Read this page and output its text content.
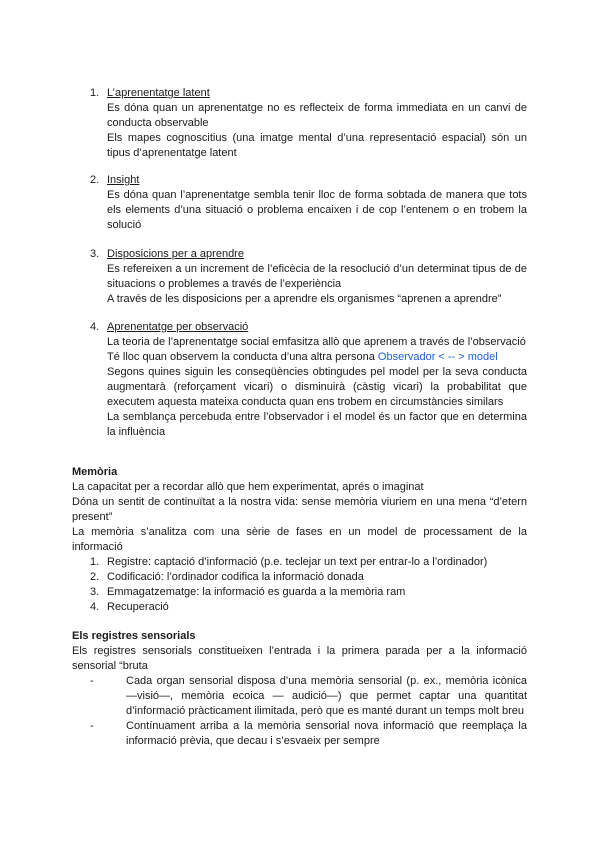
1. L’aprenentatge latent
Es dóna quan un aprenentatge no es reflecteix de forma immediata en un canvi de conducta observable
Els mapes cognoscitius (una imatge mental d’una representació espacial) són un tipus d’aprenentatge latent
2. Insight
Es dóna quan l’aprenentatge sembla tenir lloc de forma sobtada de manera que tots els elements d’una situació o problema encaixen i de cop l’entenem o en trobem la solució
3. Disposicions per a aprendre
Es refereixen a un increment de l’eficècia de la resoclució d’un determinat tipus de de situacions o problemes a través de l’experiència
A través de les disposicions per a aprendre els organismes “aprenen a aprendre”
4. Aprenentatge per observació
La teoria de l’aprenentatge social emfasitza allò que aprenem a través de l’observació
Té lloc quan observem la conducta d’una altra persona Observador < -- > model
Segons quines siguin les conseqüències obtingudes pel model per la seva conducta augmentarà (reforçament vicari) o disminuirà (càstig vicari) la probabilitat que executem aquesta mateixa conducta quan ens trobem en circumstàncies similars
La semblança percebuda entre l’observador i el model és un factor que en determina la influència
Memòria
La capacitat per a recordar allò que hem experimentat, aprés o imaginat
Dóna un sentit de continuïtat a la nostra vida: sense memòria viuriem en una mena “d’etern present”
La memòria s’analitza com una sèrie de fases en un model de processament de la informació
1. Registre: captació d’informació (p.e. teclejar un text per entrar-lo a l’ordinador)
2. Codificació: l’ordinador codifica la informació donada
3. Emmagatzematge: la informació es guarda a la memòria ram
4. Recuperació
Els registres sensorials
Els registres sensorials constitueixen l’entrada i la primera parada per a la informació sensorial “bruta
-	Cada organ sensorial disposa d’una memòria sensorial (p. ex., memòria icònica —visió—, memòria ecoica — audició—) que permet captar una quantitat d’informació pràcticament ilimitada, però que es manté durant un temps molt breu
-	Contínuament arriba a la memòria sensorial nova informació que reemplaça la informació prèvia, que decau i s’esvaeix per sempre
